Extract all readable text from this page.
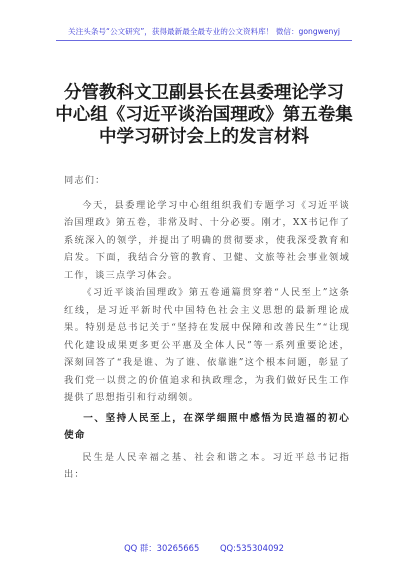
关注头条号“公文研究”，获得最新最全最专业的公文资料库！ 微信：gongwenyj
分管教科文卫副县长在县委理论学习
中心组《习近平谈治国理政》第五卷集
中学习研讨会上的发言材料

同志们：

今天，县委理论学习中心组组织我们专题学习《习近平谈治国理政》第五卷，非常及时、十分必要。刚才，XX书记作了系统深入的领学，并提出了明确的贯彻要求，使我深受教育和启发。下面，我结合分管的教育、卫健、文旅等社会事业领域工作，谈三点学习体会。

《习近平谈治国理政》第五卷通篇贯穿着“人民至上”这条红线，是习近平新时代中国特色社会主义思想的最新理论成果。特别是总书记关于“坚持在发展中保障和改善民生”“让现代化建设成果更多更公平惠及全体人民”等一系列重要论述，深刻回答了“我是谁、为了谁、依靠谁”这个根本问题，彰显了我们党一以贯之的价值追求和执政理念，为我们做好民生工作提供了思想指引和行动纲领。

一、坚持人民至上，在深学细照中感悟为民造福的初心使命

民生是人民幸福之基、社会和谐之本。习近平总书记指出：

QQ 群：30265665 QQ:535304092
